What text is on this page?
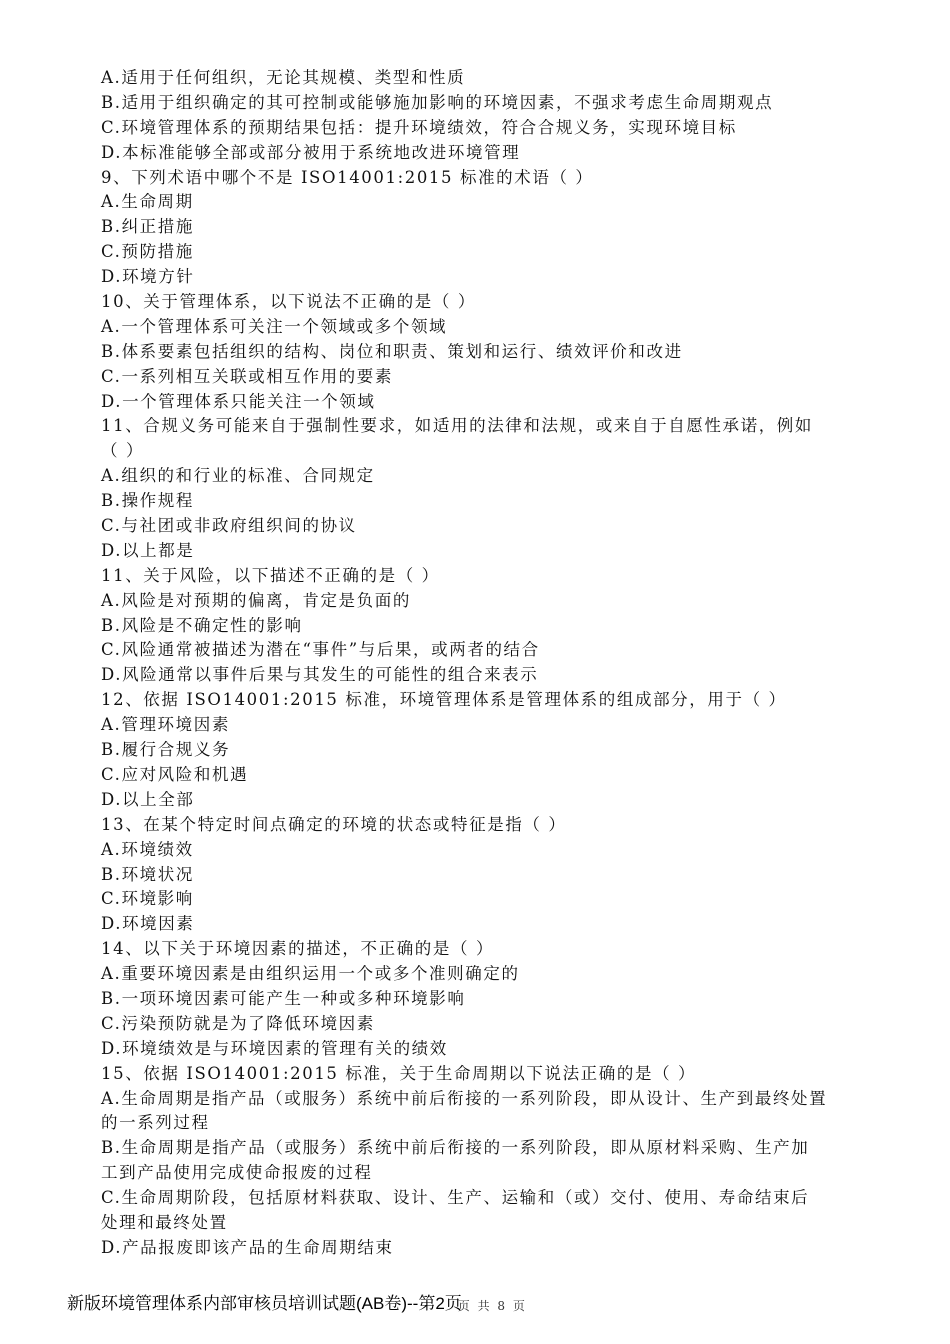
A.适用于任何组织，无论其规模、类型和性质
B.适用于组织确定的其可控制或能够施加影响的环境因素，不强求考虑生命周期观点
C.环境管理体系的预期结果包括：提升环境绩效，符合合规义务，实现环境目标
D.本标准能够全部或部分被用于系统地改进环境管理
9、下列术语中哪个不是 ISO14001:2015 标准的术语（ ）
A.生命周期
B.纠正措施
C.预防措施
D.环境方针
10、关于管理体系，以下说法不正确的是（ ）
A.一个管理体系可关注一个领域或多个领域
B.体系要素包括组织的结构、岗位和职责、策划和运行、绩效评价和改进
C.一系列相互关联或相互作用的要素
D.一个管理体系只能关注一个领域
11、合规义务可能来自于强制性要求，如适用的法律和法规，或来自于自愿性承诺，例如
（ ）
A.组织的和行业的标准、合同规定
B.操作规程
C.与社团或非政府组织间的协议
D.以上都是
11、关于风险，以下描述不正确的是（ ）
A.风险是对预期的偏离，肯定是负面的
B.风险是不确定性的影响
C.风险通常被描述为潜在“事件”与后果，或两者的结合
D.风险通常以事件后果与其发生的可能性的组合来表示
12、依据 ISO14001:2015 标准，环境管理体系是管理体系的组成部分，用于（ ）
A.管理环境因素
B.履行合规义务
C.应对风险和机遇
D.以上全部
13、在某个特定时间点确定的环境的状态或特征是指（ ）
A.环境绩效
B.环境状况
C.环境影响
D.环境因素
14、以下关于环境因素的描述，不正确的是（ ）
A.重要环境因素是由组织运用一个或多个准则确定的
B.一项环境因素可能产生一种或多种环境影响
C.污染预防就是为了降低环境因素
D.环境绩效是与环境因素的管理有关的绩效
15、依据 ISO14001:2015 标准，关于生命周期以下说法正确的是（ ）
A.生命周期是指产品（或服务）系统中前后衔接的一系列阶段，即从设计、生产到最终处置
的一系列过程
B.生命周期是指产品（或服务）系统中前后衔接的一系列阶段，即从原材料采购、生产加
工到产品使用完成使命报废的过程
C.生命周期阶段，包括原材料获取、设计、生产、运输和（或）交付、使用、寿命结束后
处理和最终处置
D.产品报废即该产品的生命周期结束
新版环境管理体系内部审核员培训试题(AB卷)--第2页
页 共 8 页
